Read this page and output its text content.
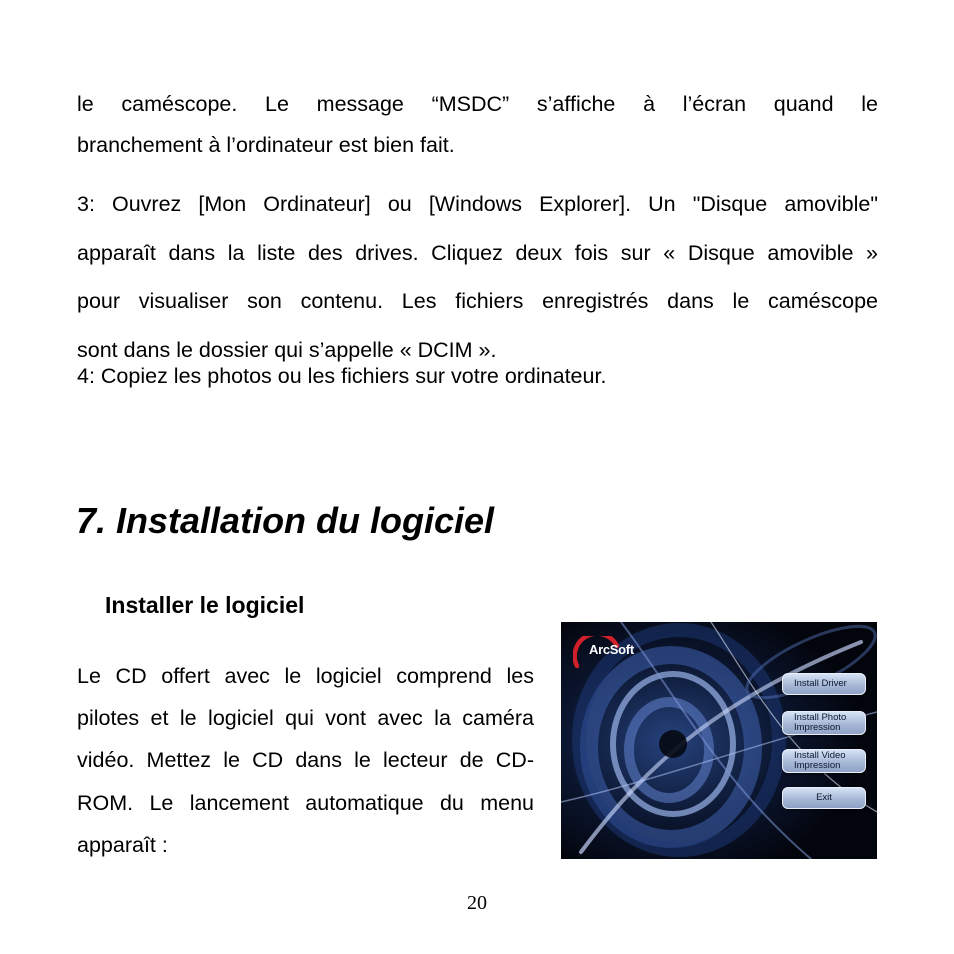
le caméscope. Le message “MSDC” s’affiche à l’écran quand le
branchement à l’ordinateur est bien fait.
3: Ouvrez [Mon Ordinateur] ou [Windows Explorer]. Un "Disque amovible"
apparaît dans la liste des drives. Cliquez deux fois sur « Disque amovible »
pour visualiser son contenu. Les fichiers enregistrés dans le caméscope
sont dans le dossier qui s’appelle « DCIM ».
4: Copiez les photos ou les fichiers sur votre ordinateur.
7. Installation du logiciel
Installer le logiciel

Le CD offert avec le logiciel comprend les pilotes et le logiciel qui vont avec la caméra vidéo. Mettez le CD dans le lecteur de CD-ROM. Le lancement automatique du menu apparaît :

ArcSoft
Install Driver
Install Photo
Impression
Install Video
Impression
Exit

20
